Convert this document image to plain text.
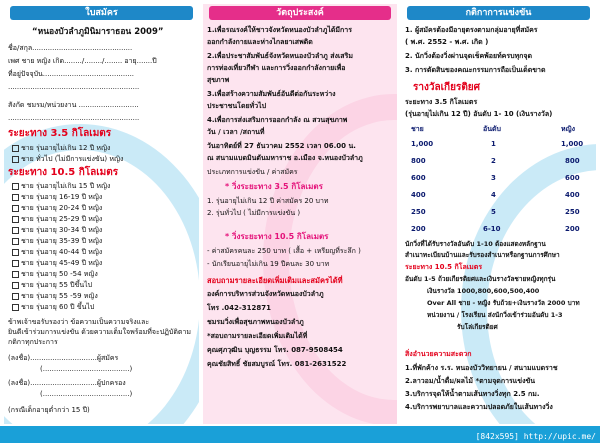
ใบสมัคร
“หนองบัวลำภูมินิมาราธอน 2009”
ชื่อ/สกุล.............................................
เพศ ชาย หญิง เกิด......../......../........ อายุ.......ปี
ที่อยู่ปัจจุบัน.........................................
...........................................................
สังกัด ชมรม/หน่วยงาน ...........................
...........................................................
ระยะทาง 3.5 กิโลเมตร
ชาย รุ่นอายุไม่เกิน 12 ปี หญิง
ชาย ทั่วไป (ไม่มีการแข่งขัน) หญิง
ระยะทาง 10.5 กิโลเมตร
ชาย รุ่นอายุไม่เกิน 15 ปี หญิง
ชาย รุ่นอายุ 16-19 ปี หญิง
ชาย รุ่นอายุ 20-24 ปี หญิง
ชาย รุ่นอายุ 25-29 ปี หญิง
ชาย รุ่นอายุ 30-34 ปี หญิง
ชาย รุ่นอายุ 35-39 ปี หญิง
ชาย รุ่นอายุ 40-44 ปี หญิง
ชาย รุ่นอายุ 45-49 ปี หญิง
ชาย รุ่นอายุ 50 -54 หญิง
ชาย รุ่นอายุ 55 ปีขึ้นไป
ชาย รุ่นอายุ 55 -59 หญิง
ชาย รุ่นอายุ 60 ปี ขึ้นไป
ข้าพเจ้าขอรับรองว่า ข้อความเป็นความจริงและ
ยินดีเข้าร่วมการแข่งขัน ด้วยความเต็มใจพร้อมที่จะปฏิบัติตาม
กติกาทุกประการ
(ลงชื่อ)..............................ผู้สมัคร
(.......................................)
(ลงชื่อ)..............................ผู้ปกครอง
(.......................................)
(กรณีเด็กอายุต่ำกว่า 15 ปี)
วัตถุประสงค์
1.เพื่อรณรงค์ให้ชาวจังหวัดหนองบัวลำภูได้มีการ
ออกกำลังกายและห่างไกลยาเสพติด
2.เพื่อประชาสัมพันธ์จังหวัดหนองบัวลำภู ส่งเสริม
การท่องเที่ยวกีฬา และการวิ่งออกกำลังกายเพื่อ
สุขภาพ
3.เพื่อสร้างความสัมพันธ์อันดีต่อกันระหว่าง
ประชาชนโดยทั่วไป
4.เพื่อการส่งเสริมการออกกำลัง ณ สวนสุขภาพ
วัน / เวลา /สถานที่
วันอาทิตย์ที่ 27 ธันวาคม 2552 เวลา 06.00 น.
ณ สนามแบดมินตันมหาราช อ.เมือง จ.หนองบัวลำภู
ประเภทการแข่งขัน / ค่าสมัคร
* วิ่งระยะทาง 3.5 กิโลเมตร
1. รุ่นอายุไม่เกิน 12 ปี ค่าสมัคร 20 บาท
2. รุ่นทั่วไป ( ไม่มีการแข่งขัน )
* วิ่งระยะทาง 10.5 กิโลเมตร
- ค่าสมัครคนละ 250 บาท ( เสื้อ + เหรียญที่ระลึก )
- นักเรียนอายุไม่เกิน 19 ปีคนละ 30 บาท
สอบถามรายละเอียดเพิ่มเติมและสมัครได้ที่
องค์การบริหารส่วนจังหวัดหนองบัวลำภู
โทร .042-312871
ชมรมวิ่งเพื่อสุขภาพหนองบัวลำภู
*สอบถามรายละเอียดเพิ่มเติมได้ที่
คุณศุภวุฒิน บุญธรรม โทร. 087-9508454
คุณชัยสิทธิ์ ชัยสมบูรณ์ โทร. 081-2631522
กติกาการแข่งขัน
1. ผู้สมัครต้องมีอายุตรงตามกลุ่มอายุที่สมัคร
( พ.ศ. 2552 - พ.ศ. เกิด )
2. นักวิ่งต้องวิ่งผ่านจุดเช็คพ้อยท์ครบทุกจุด
3. การตัดสินของคณะกรรมการถือเป็นเด็ดขาด
รางวัลเกียรติยศ
ระยะทาง 3.5 กิโลเมตร
(รุ่นอายุไม่เกิน 12 ปี) อันดับ 1- 10 (เงินรางวัล)
ชาย	อันดับ	หญิง
1,000	1	1,000
800	2	800
600	3	600
400	4	400
250	5	250
200	6-10	200
นักวิ่งที่ได้รับรางวัลอันดับ 1-10 ต้องแสดงหลักฐาน
สำเนาทะเบียนบ้านและรับรองสำเนาหรือกฐานการศึกษา
ระยะทาง 10.5 กิโลเมตร
อันดับ 1-5 ถ้วยเกียรติยศและเงินรางวัลชายหญิงทุกรุ่น
เงินรางวัล 1000,800,600,500,400
Over All ชาย - หญิง รับถ้วย+เงินรางวัล 2000 บาท
หน่วยงาน / โรงเรียน ส่งนักวิ่งเข้าร่วมอันดับ 1-3
รับโล่เกียรติยศ
สิ่งอำนวยความสะดวก
1.ที่พักค้าง ร.ร. หนองบัววิทยายน / สนามแบดราช
2.ลาวอม/น้ำดื่ม/ผลไม้ *ตามจุดการแข่งขัน
3.บริการจุดให้น้ำตามเส้นทางวิ่งทุก 2.5 กม.
4.บริการพยาบาลและความปลอดภัยในเส้นทางวิ่ง
[842x595] http://upic.me/
